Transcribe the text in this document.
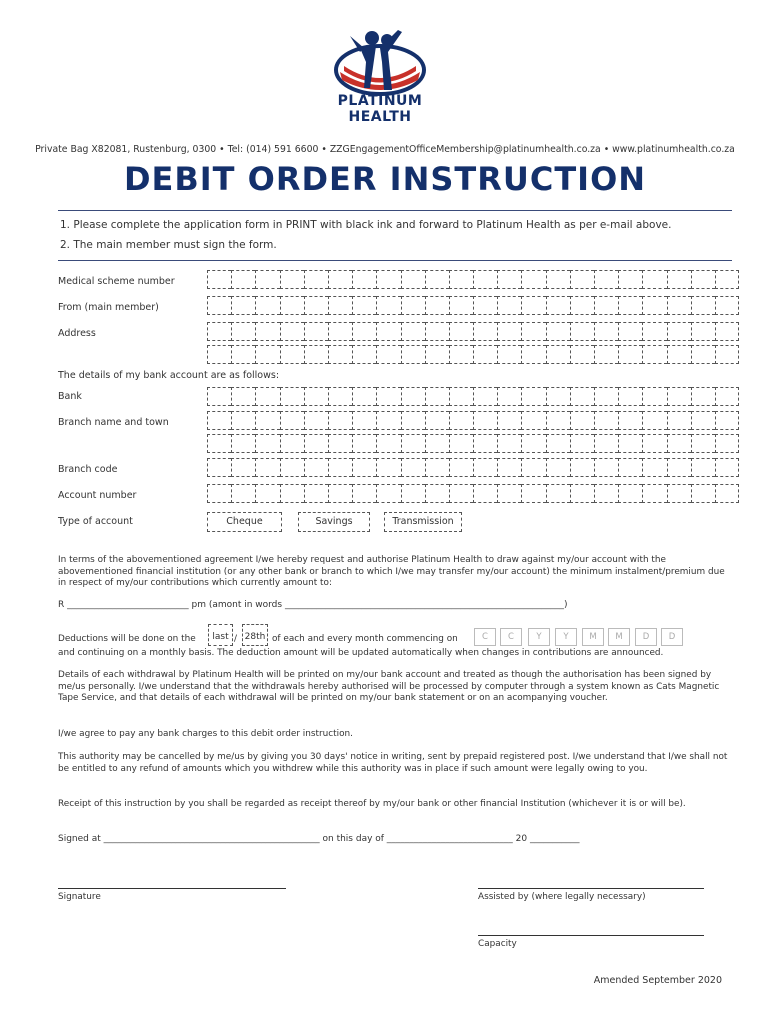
PLATINUM
HEALTH
Private Bag X82081, Rustenburg, 0300 • Tel: (014) 591 6600 • ZZGEngagementOfficeMembership@platinumhealth.co.za • www.platinumhealth.co.za
DEBIT ORDER INSTRUCTION
1. Please complete the application form in PRINT with black ink and forward to Platinum Health as per e-mail above.
2. The main member must sign the form.
Medical scheme number
From (main member)
Address
The details of my bank account are as follows:
Bank
Branch name and town
Branch code
Account number
Type of account	Cheque	Savings	Transmission
In terms of the abovementioned agreement I/we hereby request and authorise Platinum Health to draw against my/our account with the abovementioned financial institution (or any other bank or branch to which I/we may transfer my/our account) the minimum instalment/premium due in respect of my/our contributions which currently amount to:
R ___________________________ pm (amont in words ______________________________________________________________)
Deductions will be done on the	last / 28th of each and every month commencing on	C	C	Y	Y	M	M	D	D
and continuing on a monthly basis. The deduction amount will be updated automatically when changes in contributions are announced.
Details of each withdrawal by Platinum Health will be printed on my/our bank account and treated as though the authorisation has been signed by me/us personally. I/we understand that the withdrawals hereby authorised will be processed by computer through a system known as Cats Magnetic Tape Service, and that details of each withdrawal will be printed on my/our bank statement or on an acompanying voucher.
I/we agree to pay any bank charges to this debit order instruction.
This authority may be cancelled by me/us by giving you 30 days' notice in writing, sent by prepaid registered post. I/we understand that I/we shall not be entitled to any refund of amounts which you withdrew while this authority was in place if such amount were legally owing to you.
Receipt of this instruction by you shall be regarded as receipt thereof by my/our bank or other financial Institution (whichever it is or will be).
Signed at ________________________________________________ on this day of ____________________________ 20 ___________
Signature	Assisted by (where legally necessary)
Capacity
Amended September 2020
